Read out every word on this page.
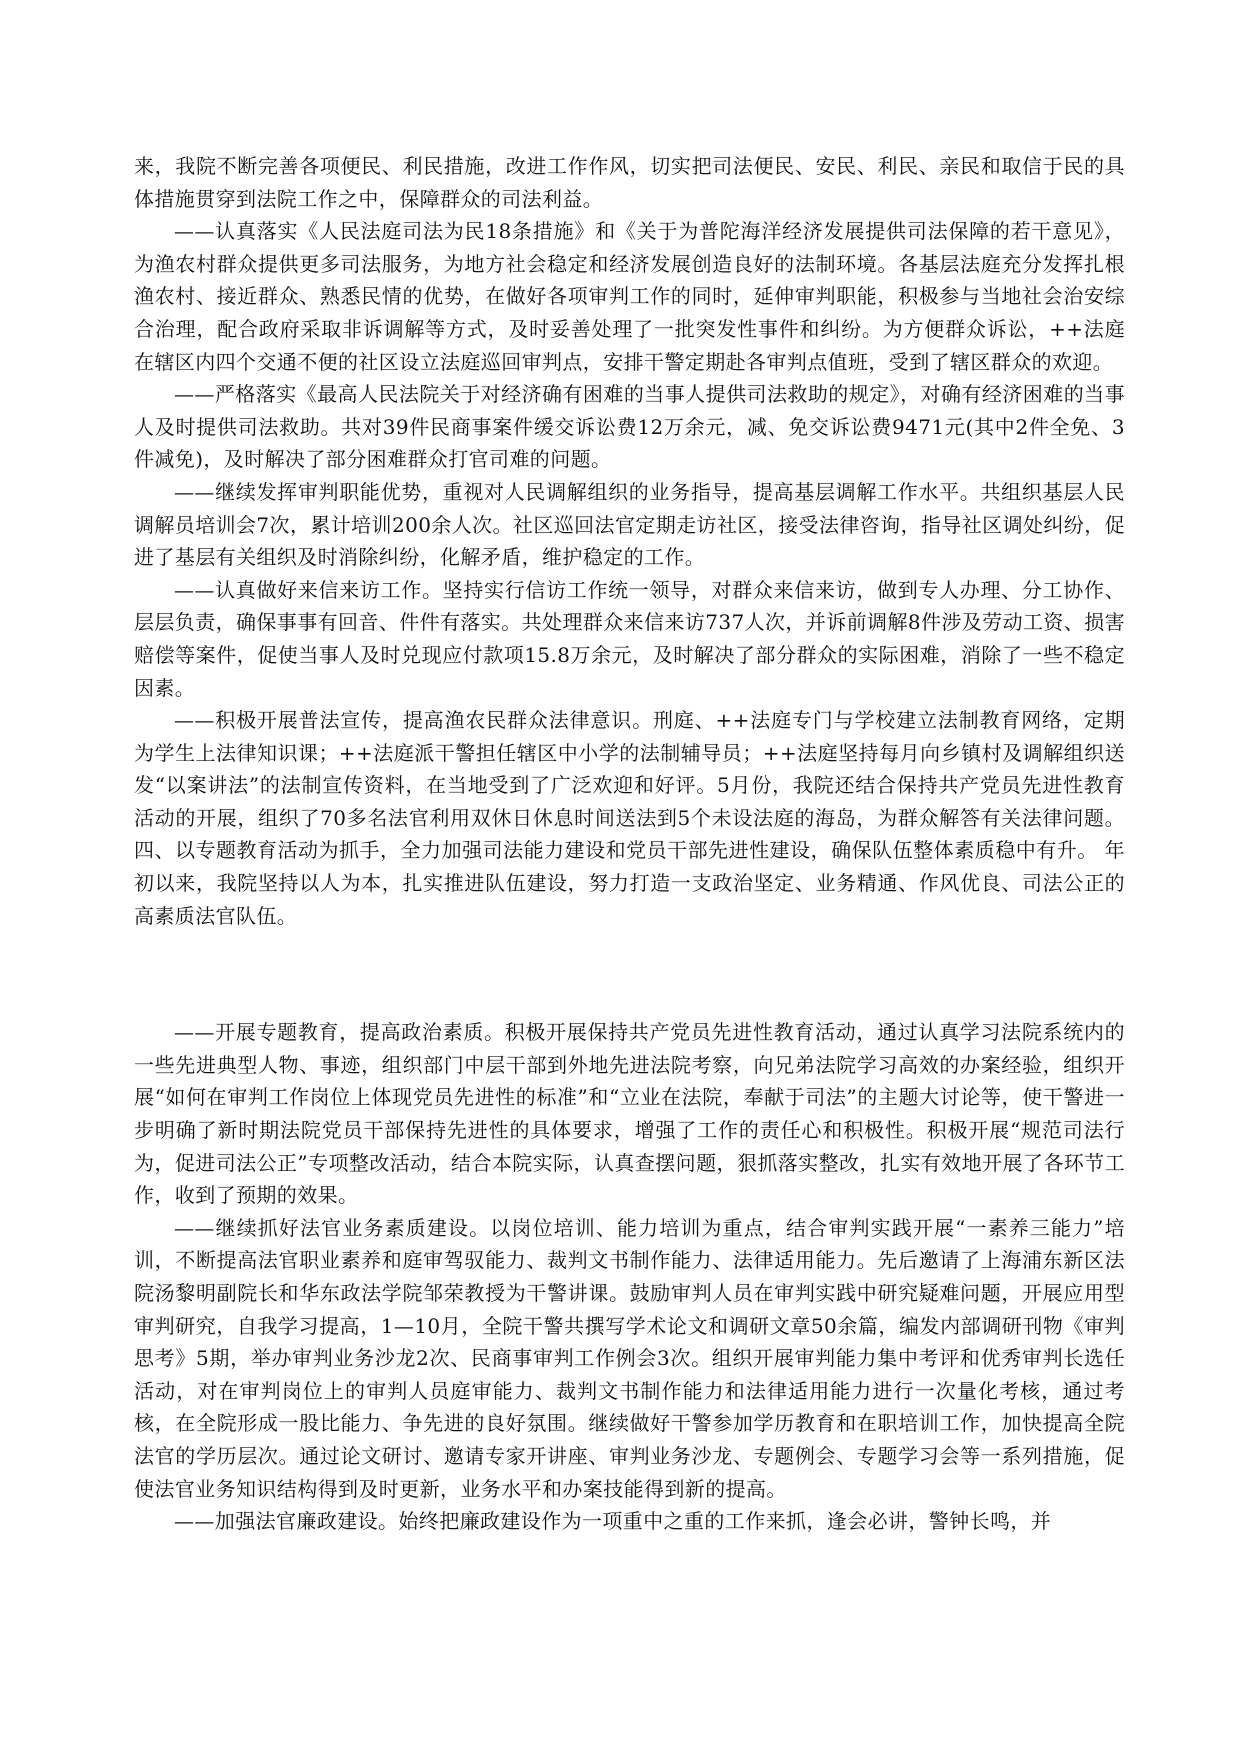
来，我院不断完善各项便民、利民措施，改进工作作风，切实把司法便民、安民、利民、亲民和取信于民的具体措施贯穿到法院工作之中，保障群众的司法利益。

——认真落实《人民法庭司法为民18条措施》和《关于为普陀海洋经济发展提供司法保障的若干意见》，为渔农村群众提供更多司法服务，为地方社会稳定和经济发展创造良好的法制环境。各基层法庭充分发挥扎根渔农村、接近群众、熟悉民情的优势，在做好各项审判工作的同时，延伸审判职能，积极参与当地社会治安综合治理，配合政府采取非诉调解等方式，及时妥善处理了一批突发性事件和纠纷。为方便群众诉讼，++法庭在辖区内四个交通不便的社区设立法庭巡回审判点，安排干警定期赴各审判点值班，受到了辖区群众的欢迎。

——严格落实《最高人民法院关于对经济确有困难的当事人提供司法救助的规定》，对确有经济困难的当事人及时提供司法救助。共对39件民商事案件缓交诉讼费12万余元，减、免交诉讼费9471元(其中2件全免、3件减免)，及时解决了部分困难群众打官司难的问题。

——继续发挥审判职能优势，重视对人民调解组织的业务指导，提高基层调解工作水平。共组织基层人民调解员培训会7次，累计培训200余人次。社区巡回法官定期走访社区，接受法律咨询，指导社区调处纠纷，促进了基层有关组织及时消除纠纷，化解矛盾，维护稳定的工作。

——认真做好来信来访工作。坚持实行信访工作统一领导，对群众来信来访，做到专人办理、分工协作、层层负责，确保事事有回音、件件有落实。共处理群众来信来访737人次，并诉前调解8件涉及劳动工资、损害赔偿等案件，促使当事人及时兑现应付款项15.8万余元，及时解决了部分群众的实际困难，消除了一些不稳定因素。

——积极开展普法宣传，提高渔农民群众法律意识。刑庭、++法庭专门与学校建立法制教育网络，定期为学生上法律知识课；++法庭派干警担任辖区中小学的法制辅导员；++法庭坚持每月向乡镇村及调解组织送发“以案讲法”的法制宣传资料，在当地受到了广泛欢迎和好评。5月份，我院还结合保持共产党员先进性教育活动的开展，组织了70多名法官利用双休日休息时间送法到5个未设法庭的海岛，为群众解答有关法律问题。 四、以专题教育活动为抓手，全力加强司法能力建设和党员干部先进性建设，确保队伍整体素质稳中有升。 年初以来，我院坚持以人为本，扎实推进队伍建设，努力打造一支政治坚定、业务精通、作风优良、司法公正的高素质法官队伍。

——开展专题教育，提高政治素质。积极开展保持共产党员先进性教育活动，通过认真学习法院系统内的一些先进典型人物、事迹，组织部门中层干部到外地先进法院考察，向兄弟法院学习高效的办案经验，组织开展“如何在审判工作岗位上体现党员先进性的标准”和“立业在法院，奉献于司法”的主题大讨论等，使干警进一步明确了新时期法院党员干部保持先进性的具体要求，增强了工作的责任心和积极性。积极开展“规范司法行为，促进司法公正”专项整改活动，结合本院实际，认真查摆问题，狠抓落实整改，扎实有效地开展了各环节工作，收到了预期的效果。

——继续抓好法官业务素质建设。以岗位培训、能力培训为重点，结合审判实践开展“一素养三能力”培训，不断提高法官职业素养和庭审驾驭能力、裁判文书制作能力、法律适用能力。先后邀请了上海浦东新区法院汤黎明副院长和华东政法学院邹荣教授为干警讲课。鼓励审判人员在审判实践中研究疑难问题，开展应用型审判研究，自我学习提高，1—10月，全院干警共撰写学术论文和调研文章50余篇，编发内部调研刊物《审判思考》5期，举办审判业务沙龙2次、民商事审判工作例会3次。组织开展审判能力集中考评和优秀审判长选任活动，对在审判岗位上的审判人员庭审能力、裁判文书制作能力和法律适用能力进行一次量化考核，通过考核，在全院形成一股比能力、争先进的良好氛围。继续做好干警参加学历教育和在职培训工作，加快提高全院法官的学历层次。通过论文研讨、邀请专家开讲座、审判业务沙龙、专题例会、专题学习会等一系列措施，促使法官业务知识结构得到及时更新，业务水平和办案技能得到新的提高。

——加强法官廉政建设。始终把廉政建设作为一项重中之重的工作来抓，逢会必讲，警钟长鸣，并
